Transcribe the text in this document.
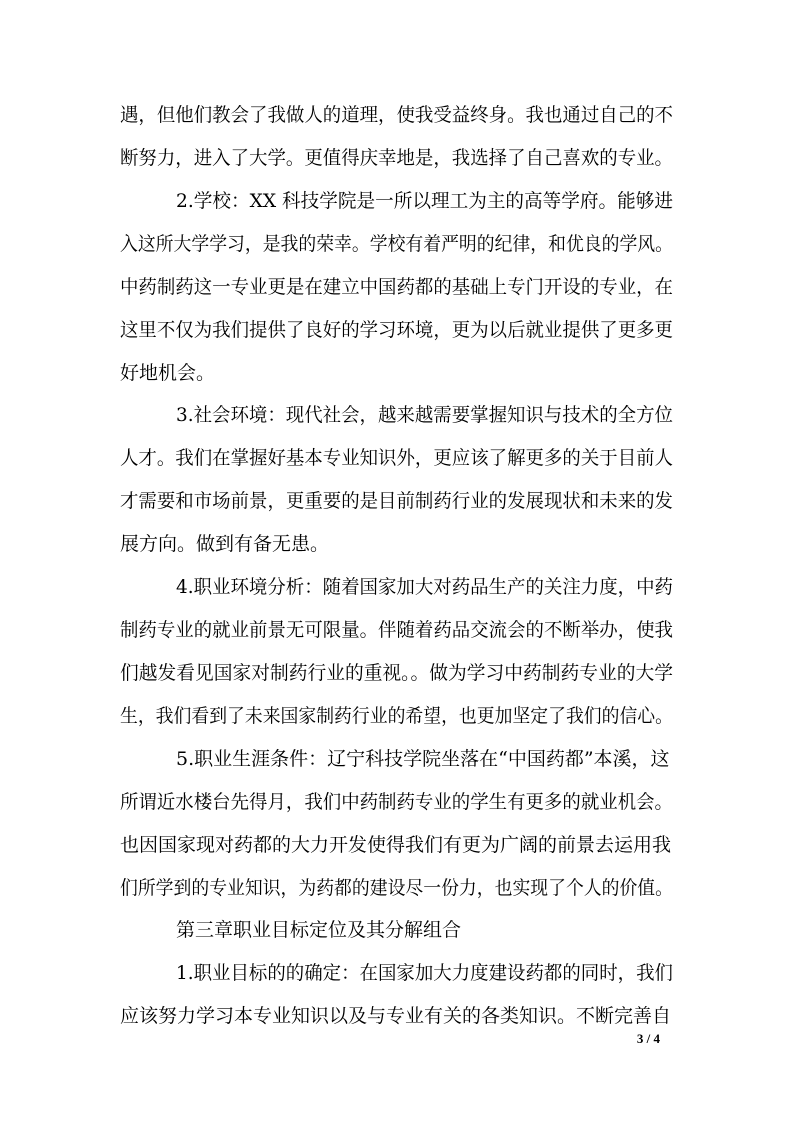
遇，但他们教会了我做人的道理，使我受益终身。我也通过自己的不
断努力，进入了大学。更值得庆幸地是，我选择了自己喜欢的专业。
2.学校：XX 科技学院是一所以理工为主的高等学府。能够进
入这所大学学习，是我的荣幸。学校有着严明的纪律，和优良的学风。
中药制药这一专业更是在建立中国药都的基础上专门开设的专业，在
这里不仅为我们提供了良好的学习环境，更为以后就业提供了更多更
好地机会。
3.社会环境：现代社会，越来越需要掌握知识与技术的全方位
人才。我们在掌握好基本专业知识外，更应该了解更多的关于目前人
才需要和市场前景，更重要的是目前制药行业的发展现状和未来的发
展方向。做到有备无患。
4.职业环境分析：随着国家加大对药品生产的关注力度，中药
制药专业的就业前景无可限量。伴随着药品交流会的不断举办，使我
们越发看见国家对制药行业的重视。。做为学习中药制药专业的大学
生，我们看到了未来国家制药行业的希望，也更加坚定了我们的信心。
5.职业生涯条件：辽宁科技学院坐落在“中国药都”本溪，这
所谓近水楼台先得月，我们中药制药专业的学生有更多的就业机会。
也因国家现对药都的大力开发使得我们有更为广阔的前景去运用我
们所学到的专业知识，为药都的建设尽一份力，也实现了个人的价值。
第三章职业目标定位及其分解组合
1.职业目标的的确定：在国家加大力度建设药都的同时，我们
应该努力学习本专业知识以及与专业有关的各类知识。不断完善自
3 / 4
